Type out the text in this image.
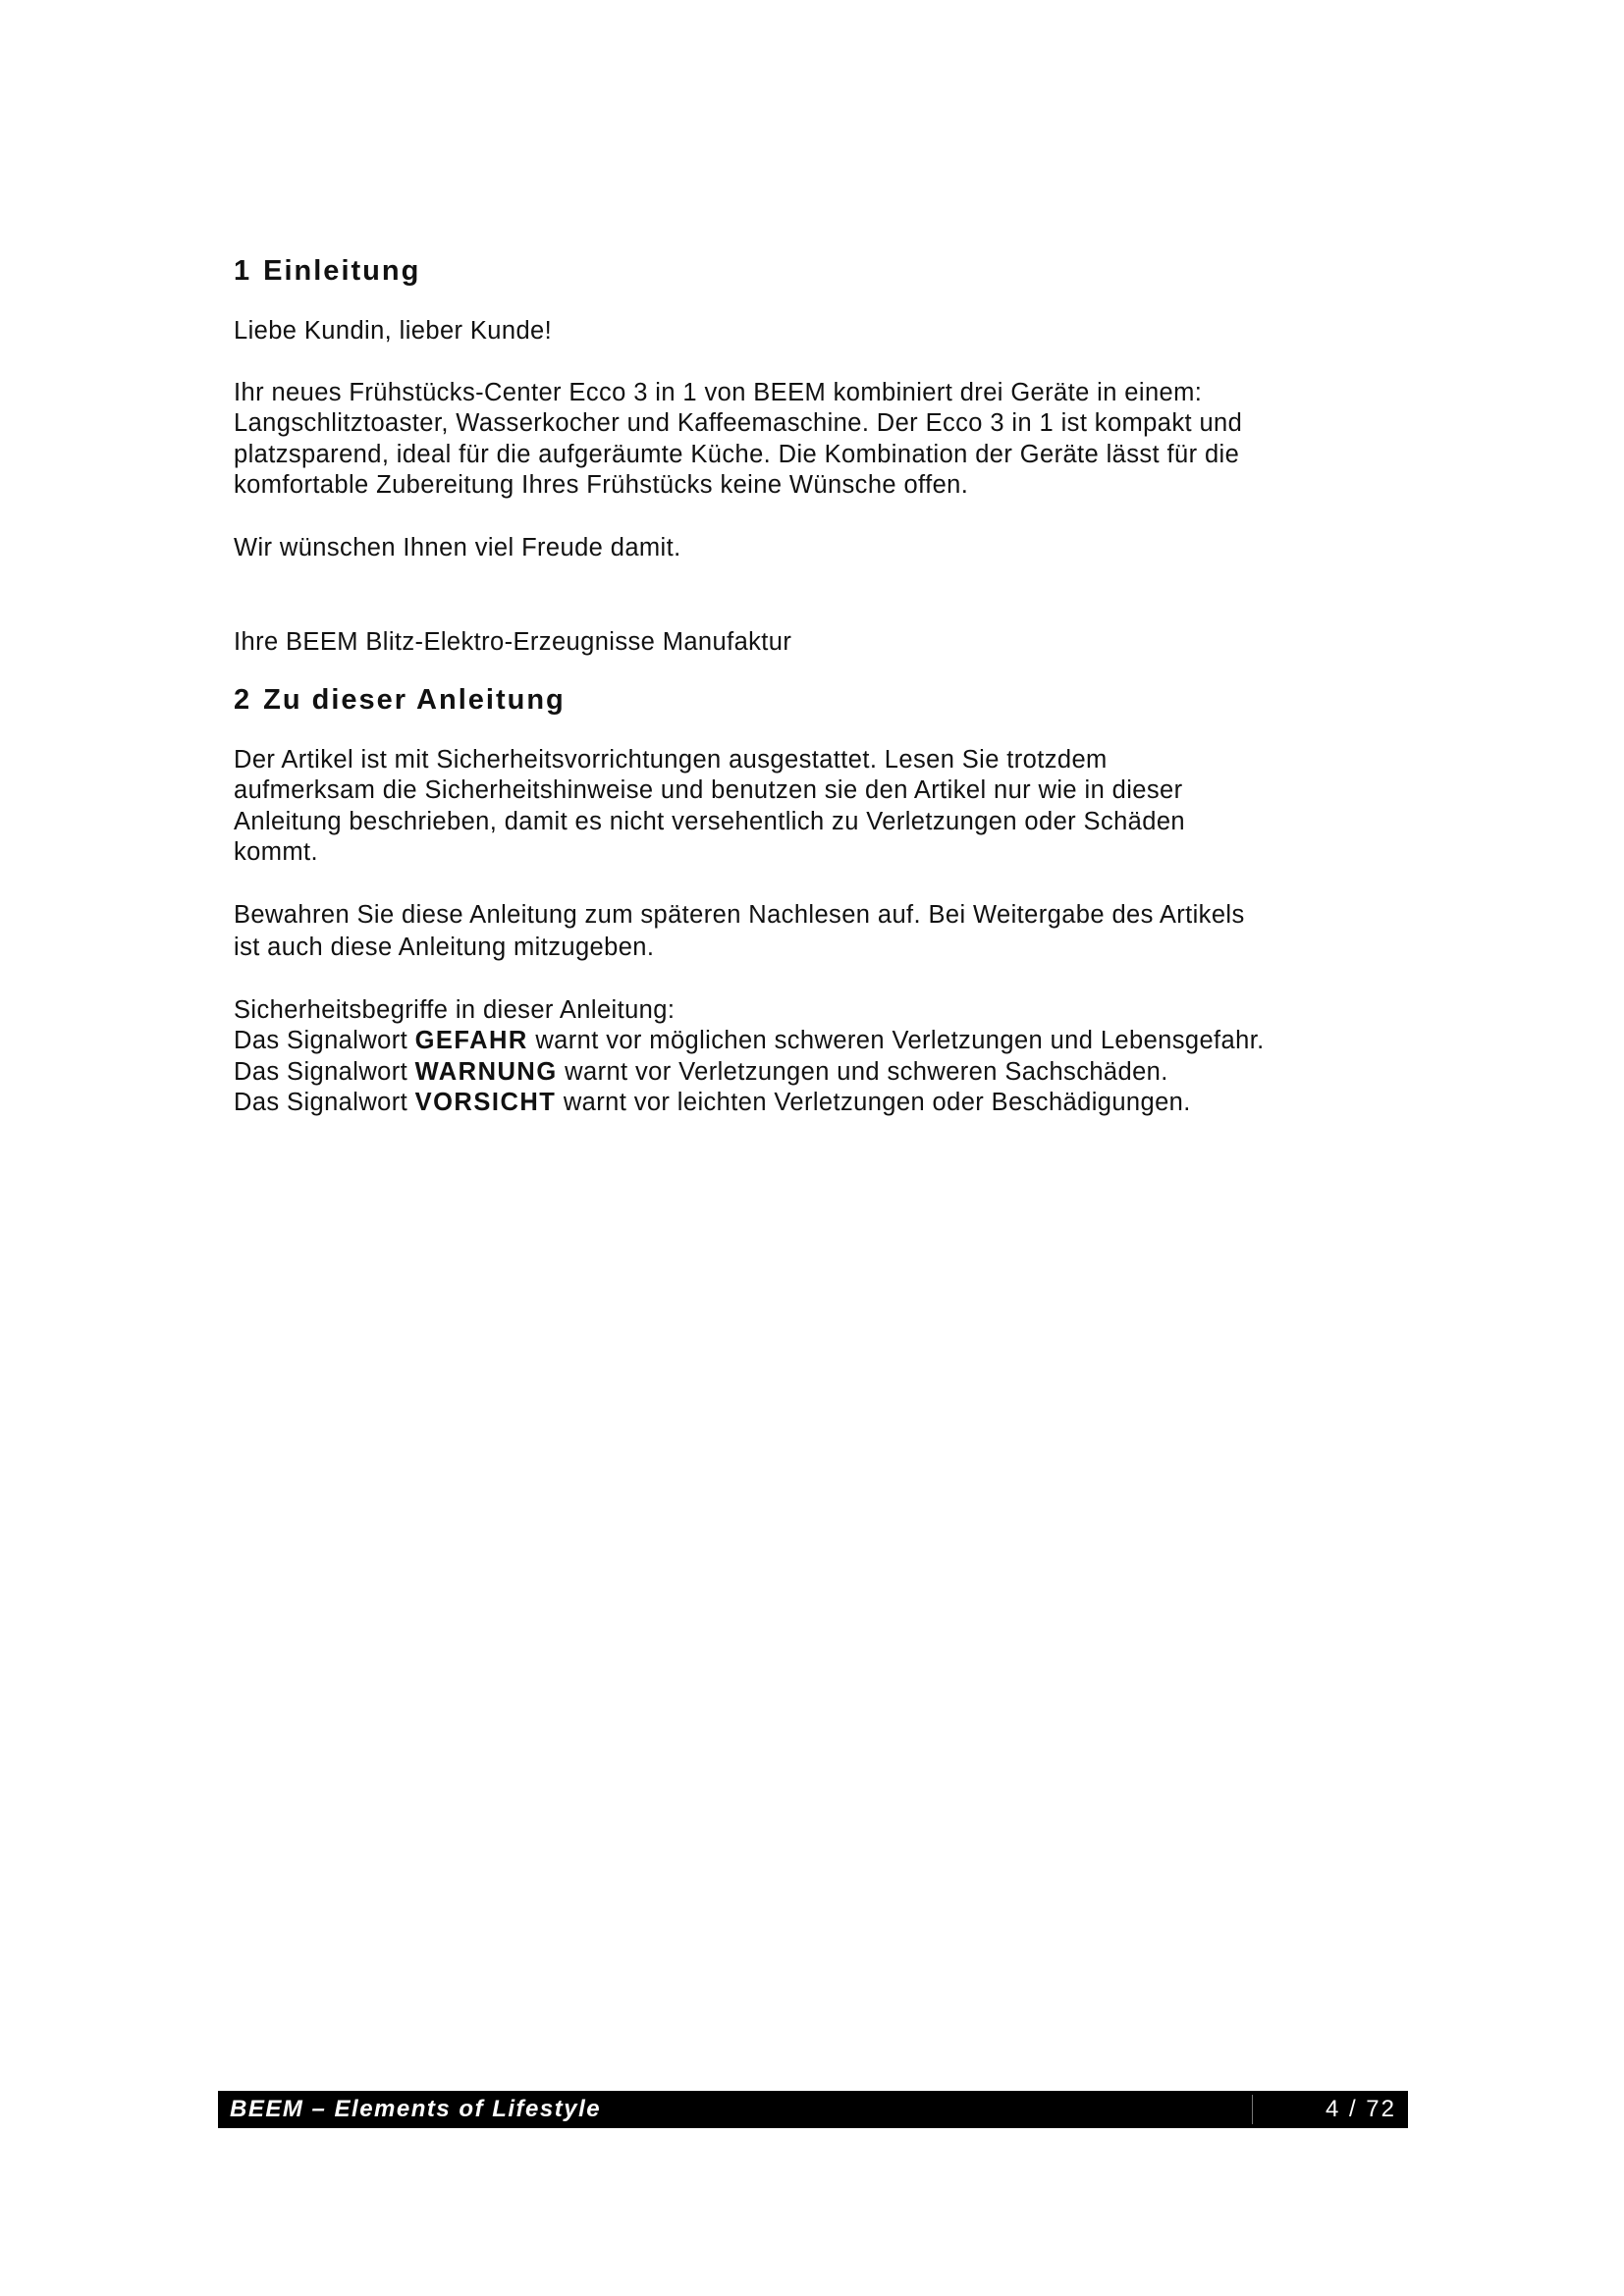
1 Einleitung

Liebe Kundin, lieber Kunde!

Ihr neues Frühstücks-Center Ecco 3 in 1 von BEEM kombiniert drei Geräte in einem:
Langschlitztoaster, Wasserkocher und Kaffeemaschine. Der Ecco 3 in 1 ist kompakt und
platzsparend, ideal für die aufgeräumte Küche. Die Kombination der Geräte lässt für die
komfortable Zubereitung Ihres Frühstücks keine Wünsche offen.

Wir wünschen Ihnen viel Freude damit.

Ihre BEEM Blitz-Elektro-Erzeugnisse Manufaktur

2 Zu dieser Anleitung

Der Artikel ist mit Sicherheitsvorrichtungen ausgestattet. Lesen Sie trotzdem
aufmerksam die Sicherheitshinweise und benutzen sie den Artikel nur wie in dieser
Anleitung beschrieben, damit es nicht versehentlich zu Verletzungen oder Schäden
kommt.

Bewahren Sie diese Anleitung zum späteren Nachlesen auf. Bei Weitergabe des Artikels
ist auch diese Anleitung mitzugeben.

Sicherheitsbegriffe in dieser Anleitung:
Das Signalwort GEFAHR warnt vor möglichen schweren Verletzungen und Lebensgefahr.
Das Signalwort WARNUNG warnt vor Verletzungen und schweren Sachschäden.
Das Signalwort VORSICHT warnt vor leichten Verletzungen oder Beschädigungen.

BEEM – Elements of Lifestyle	4 / 72
